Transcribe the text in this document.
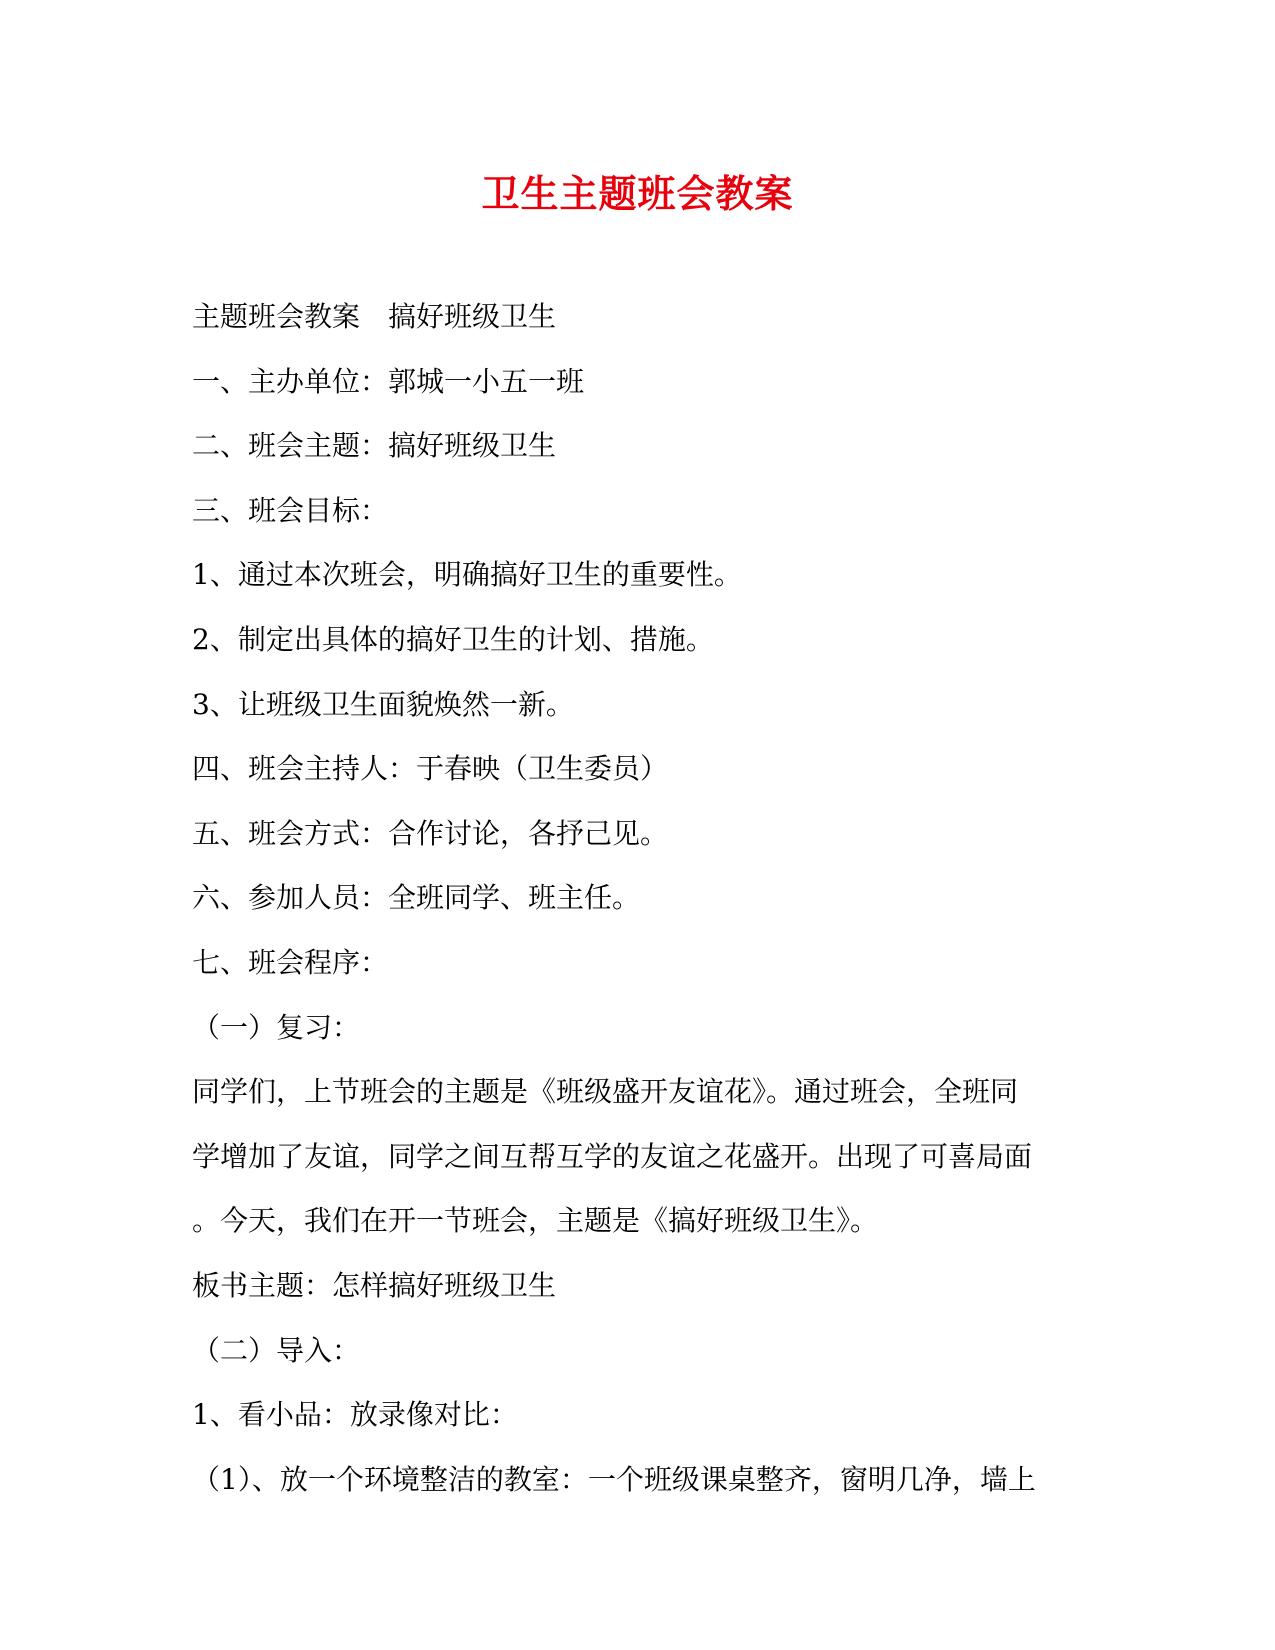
卫生主题班会教案
主题班会教案　搞好班级卫生
一、主办单位：郭城一小五一班
二、班会主题：搞好班级卫生
三、班会目标：
1、通过本次班会，明确搞好卫生的重要性。
2、制定出具体的搞好卫生的计划、措施。
3、让班级卫生面貌焕然一新。
四、班会主持人：于春映（卫生委员）
五、班会方式：合作讨论，各抒己见。
六、参加人员：全班同学、班主任。
七、班会程序：
（一）复习：
同学们，上节班会的主题是《班级盛开友谊花》。通过班会，全班同
学增加了友谊，同学之间互帮互学的友谊之花盛开。出现了可喜局面
。今天，我们在开一节班会，主题是《搞好班级卫生》。
板书主题：怎样搞好班级卫生
（二）导入：
1、看小品：放录像对比：
（1）、放一个环境整洁的教室：一个班级课桌整齐，窗明几净，墙上
